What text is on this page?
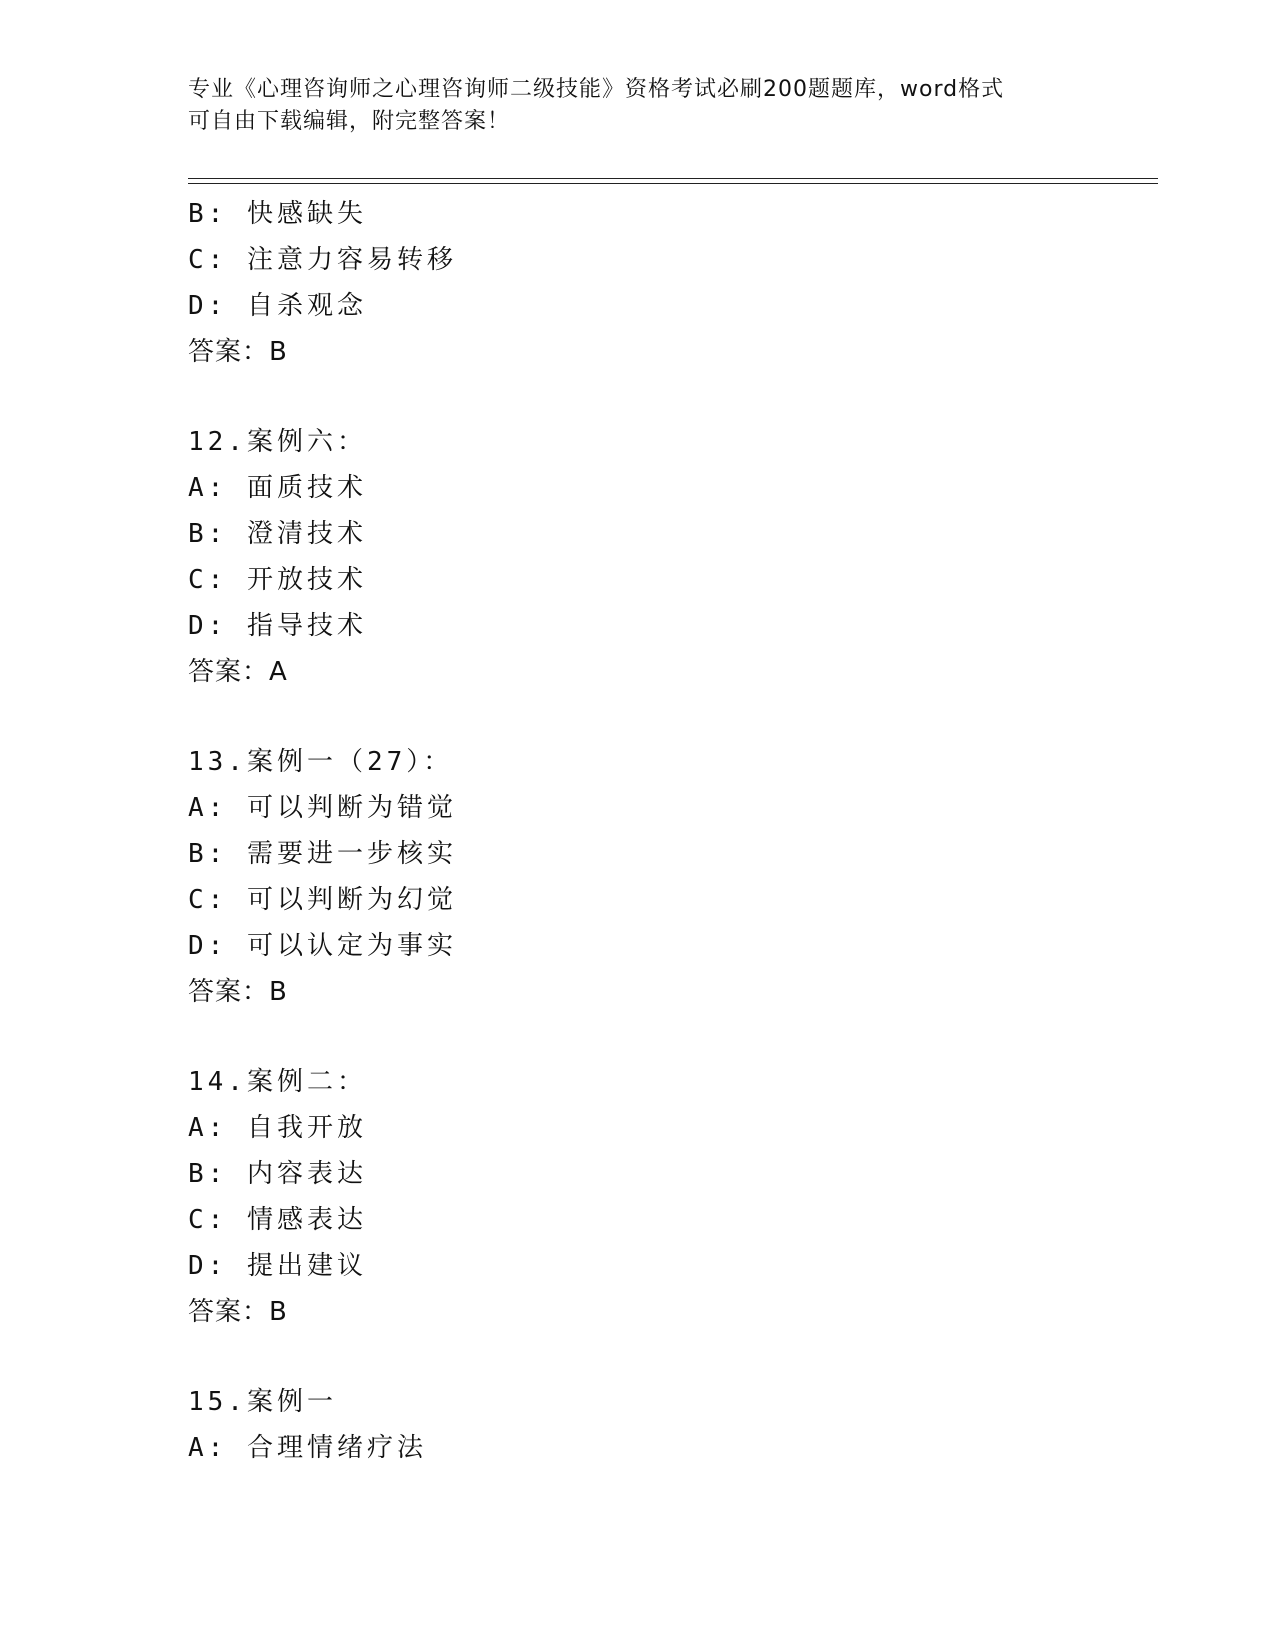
专业《心理咨询师之心理咨询师二级技能》资格考试必刷200题题库，word格式
可自由下载编辑，附完整答案！
B: 快感缺失
C: 注意力容易转移
D: 自杀观念
答案：B
12.案例六：
A: 面质技术
B: 澄清技术
C: 开放技术
D: 指导技术
答案：A
13.案例一（27）：
A: 可以判断为错觉
B: 需要进一步核实
C: 可以判断为幻觉
D: 可以认定为事实
答案：B
14.案例二：
A: 自我开放
B: 内容表达
C: 情感表达
D: 提出建议
答案：B
15.案例一
A: 合理情绪疗法
